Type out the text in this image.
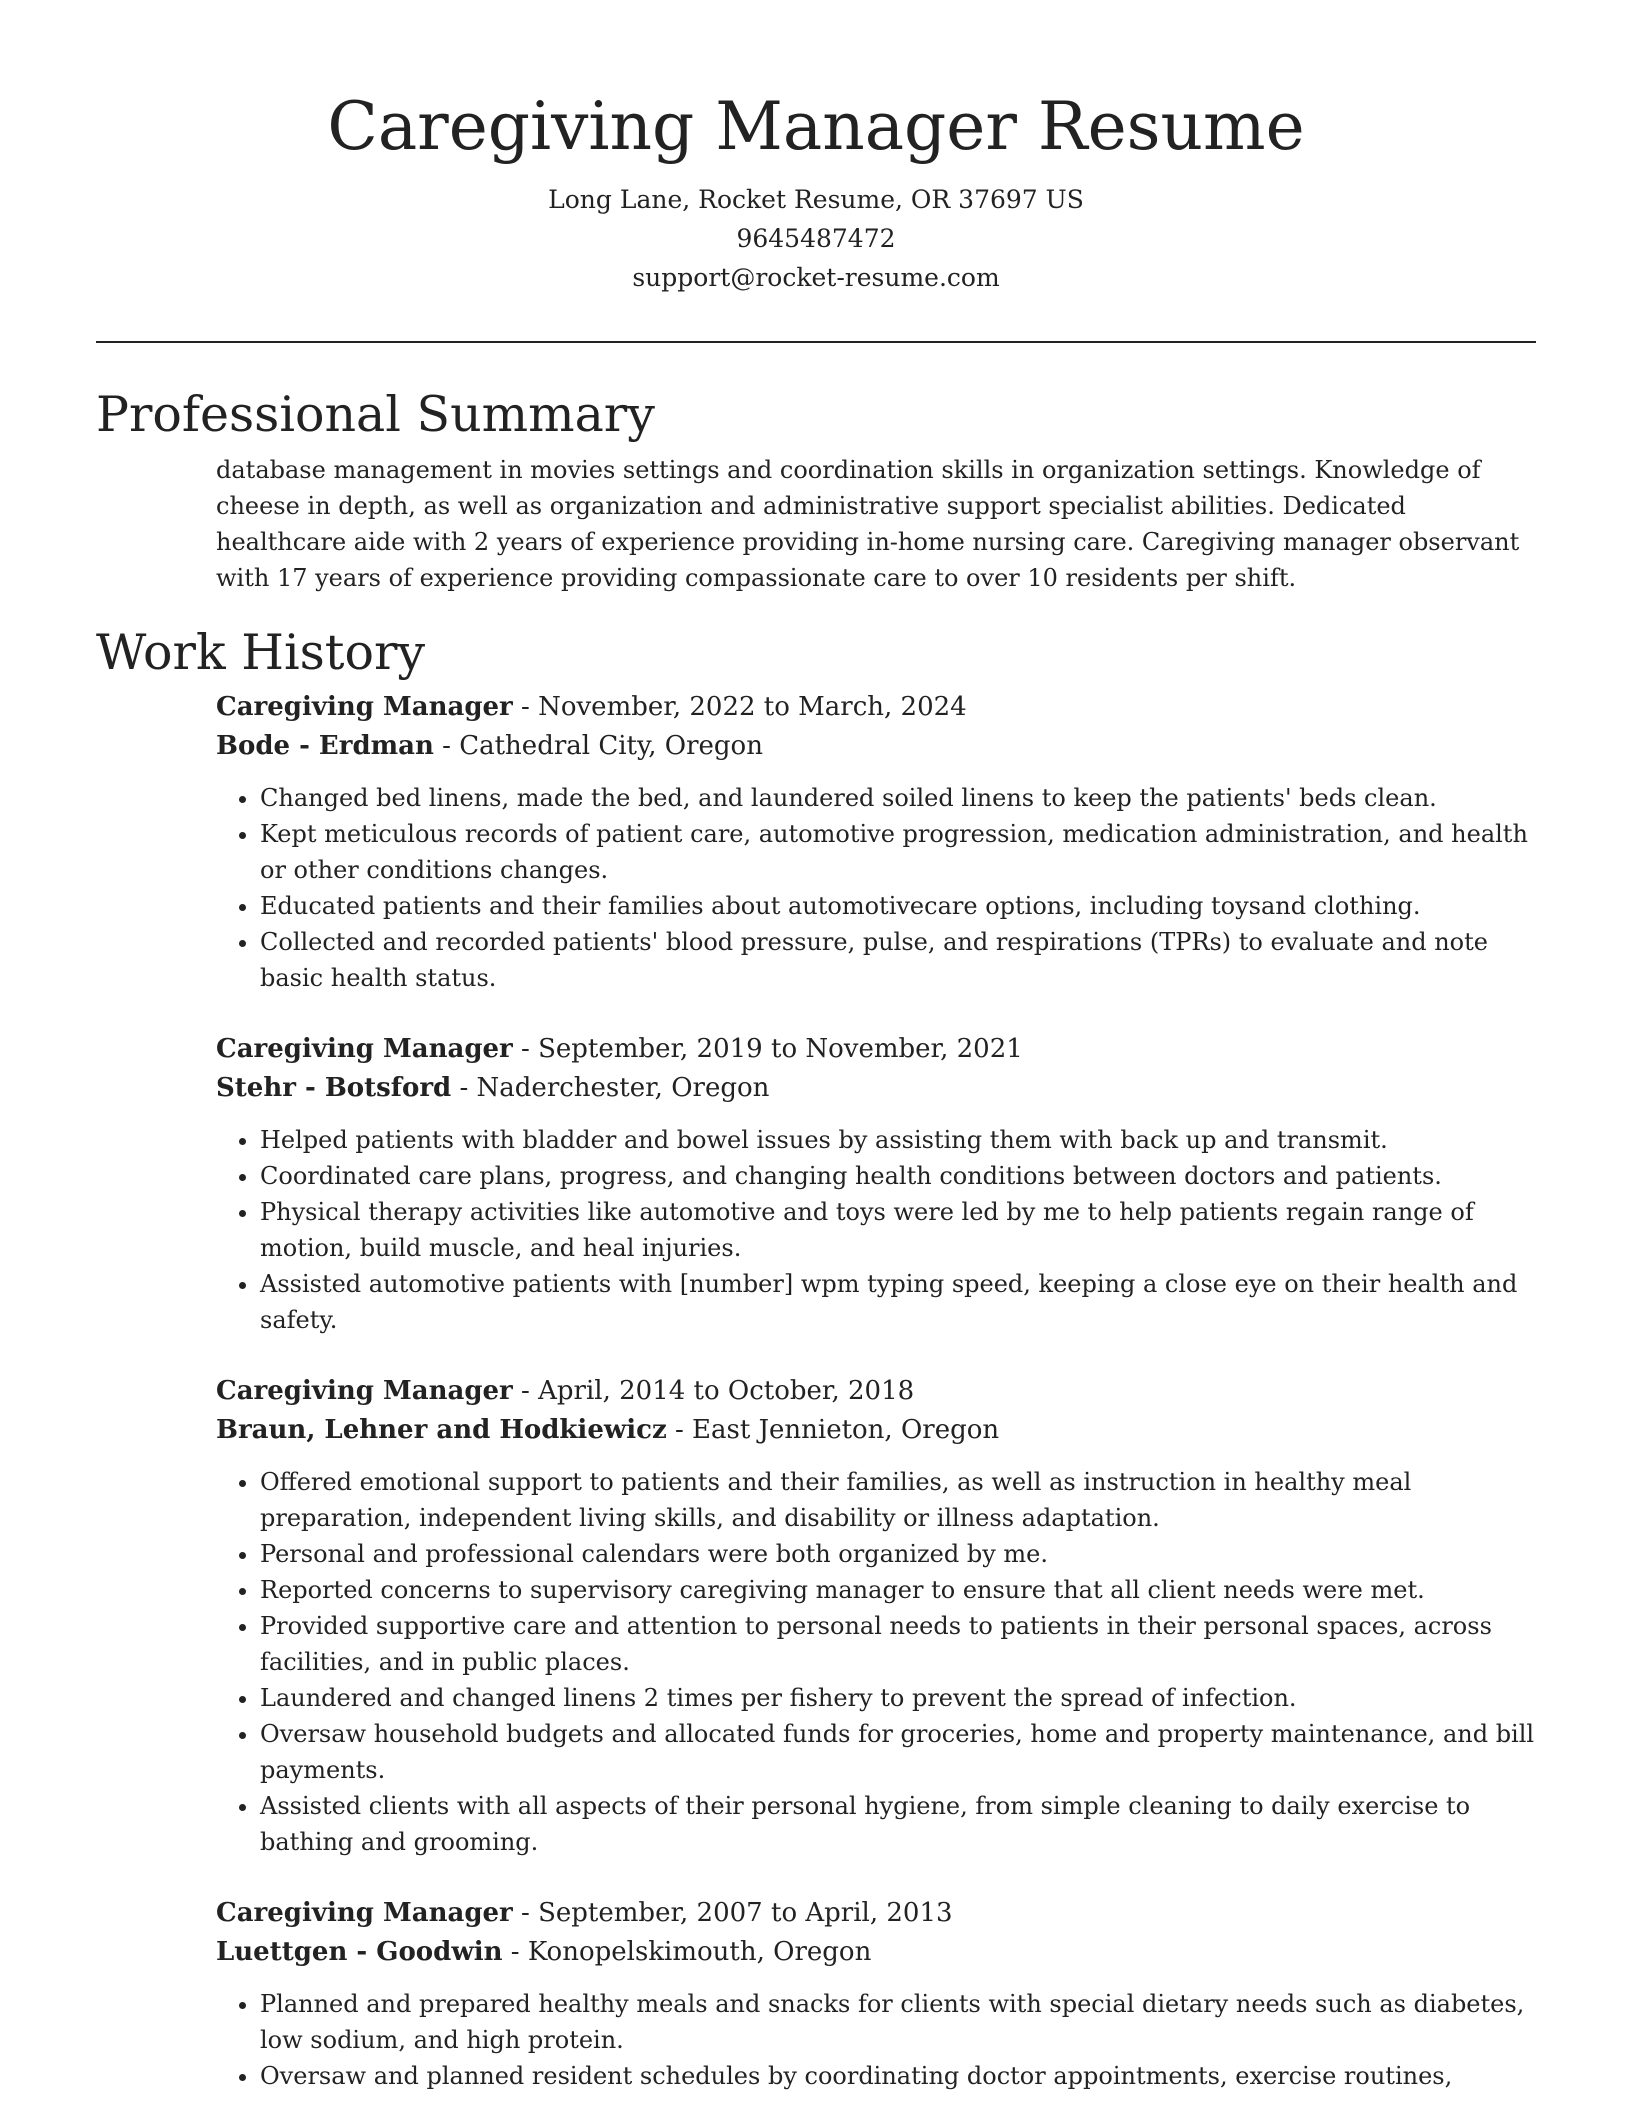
Caregiving Manager Resume
Long Lane, Rocket Resume, OR 37697 US
9645487472
support@rocket-resume.com
Professional Summary

database management in movies settings and coordination skills in organization settings. Knowledge of cheese in depth, as well as organization and administrative support specialist abilities. Dedicated healthcare aide with 2 years of experience providing in-home nursing care. Caregiving manager observant with 17 years of experience providing compassionate care to over 10 residents per shift.

Work History
Caregiving Manager - November, 2022 to March, 2024
Bode - Erdman - Cathedral City, Oregon
• Changed bed linens, made the bed, and laundered soiled linens to keep the patients' beds clean.
• Kept meticulous records of patient care, automotive progression, medication administration, and health or other conditions changes.
• Educated patients and their families about automotivecare options, including toysand clothing.
• Collected and recorded patients' blood pressure, pulse, and respirations (TPRs) to evaluate and note basic health status.
Caregiving Manager - September, 2019 to November, 2021
Stehr - Botsford - Naderchester, Oregon
• Helped patients with bladder and bowel issues by assisting them with back up and transmit.
• Coordinated care plans, progress, and changing health conditions between doctors and patients.
• Physical therapy activities like automotive and toys were led by me to help patients regain range of motion, build muscle, and heal injuries.
• Assisted automotive patients with [number] wpm typing speed, keeping a close eye on their health and safety.
Caregiving Manager - April, 2014 to October, 2018
Braun, Lehner and Hodkiewicz - East Jennieton, Oregon
• Offered emotional support to patients and their families, as well as instruction in healthy meal preparation, independent living skills, and disability or illness adaptation.
• Personal and professional calendars were both organized by me.
• Reported concerns to supervisory caregiving manager to ensure that all client needs were met.
• Provided supportive care and attention to personal needs to patients in their personal spaces, across facilities, and in public places.
• Laundered and changed linens 2 times per fishery to prevent the spread of infection.
• Oversaw household budgets and allocated funds for groceries, home and property maintenance, and bill payments.
• Assisted clients with all aspects of their personal hygiene, from simple cleaning to daily exercise to bathing and grooming.
Caregiving Manager - September, 2007 to April, 2013
Luettgen - Goodwin - Konopelskimouth, Oregon
• Planned and prepared healthy meals and snacks for clients with special dietary needs such as diabetes, low sodium, and high protein.
• Oversaw and planned resident schedules by coordinating doctor appointments, exercise routines,
